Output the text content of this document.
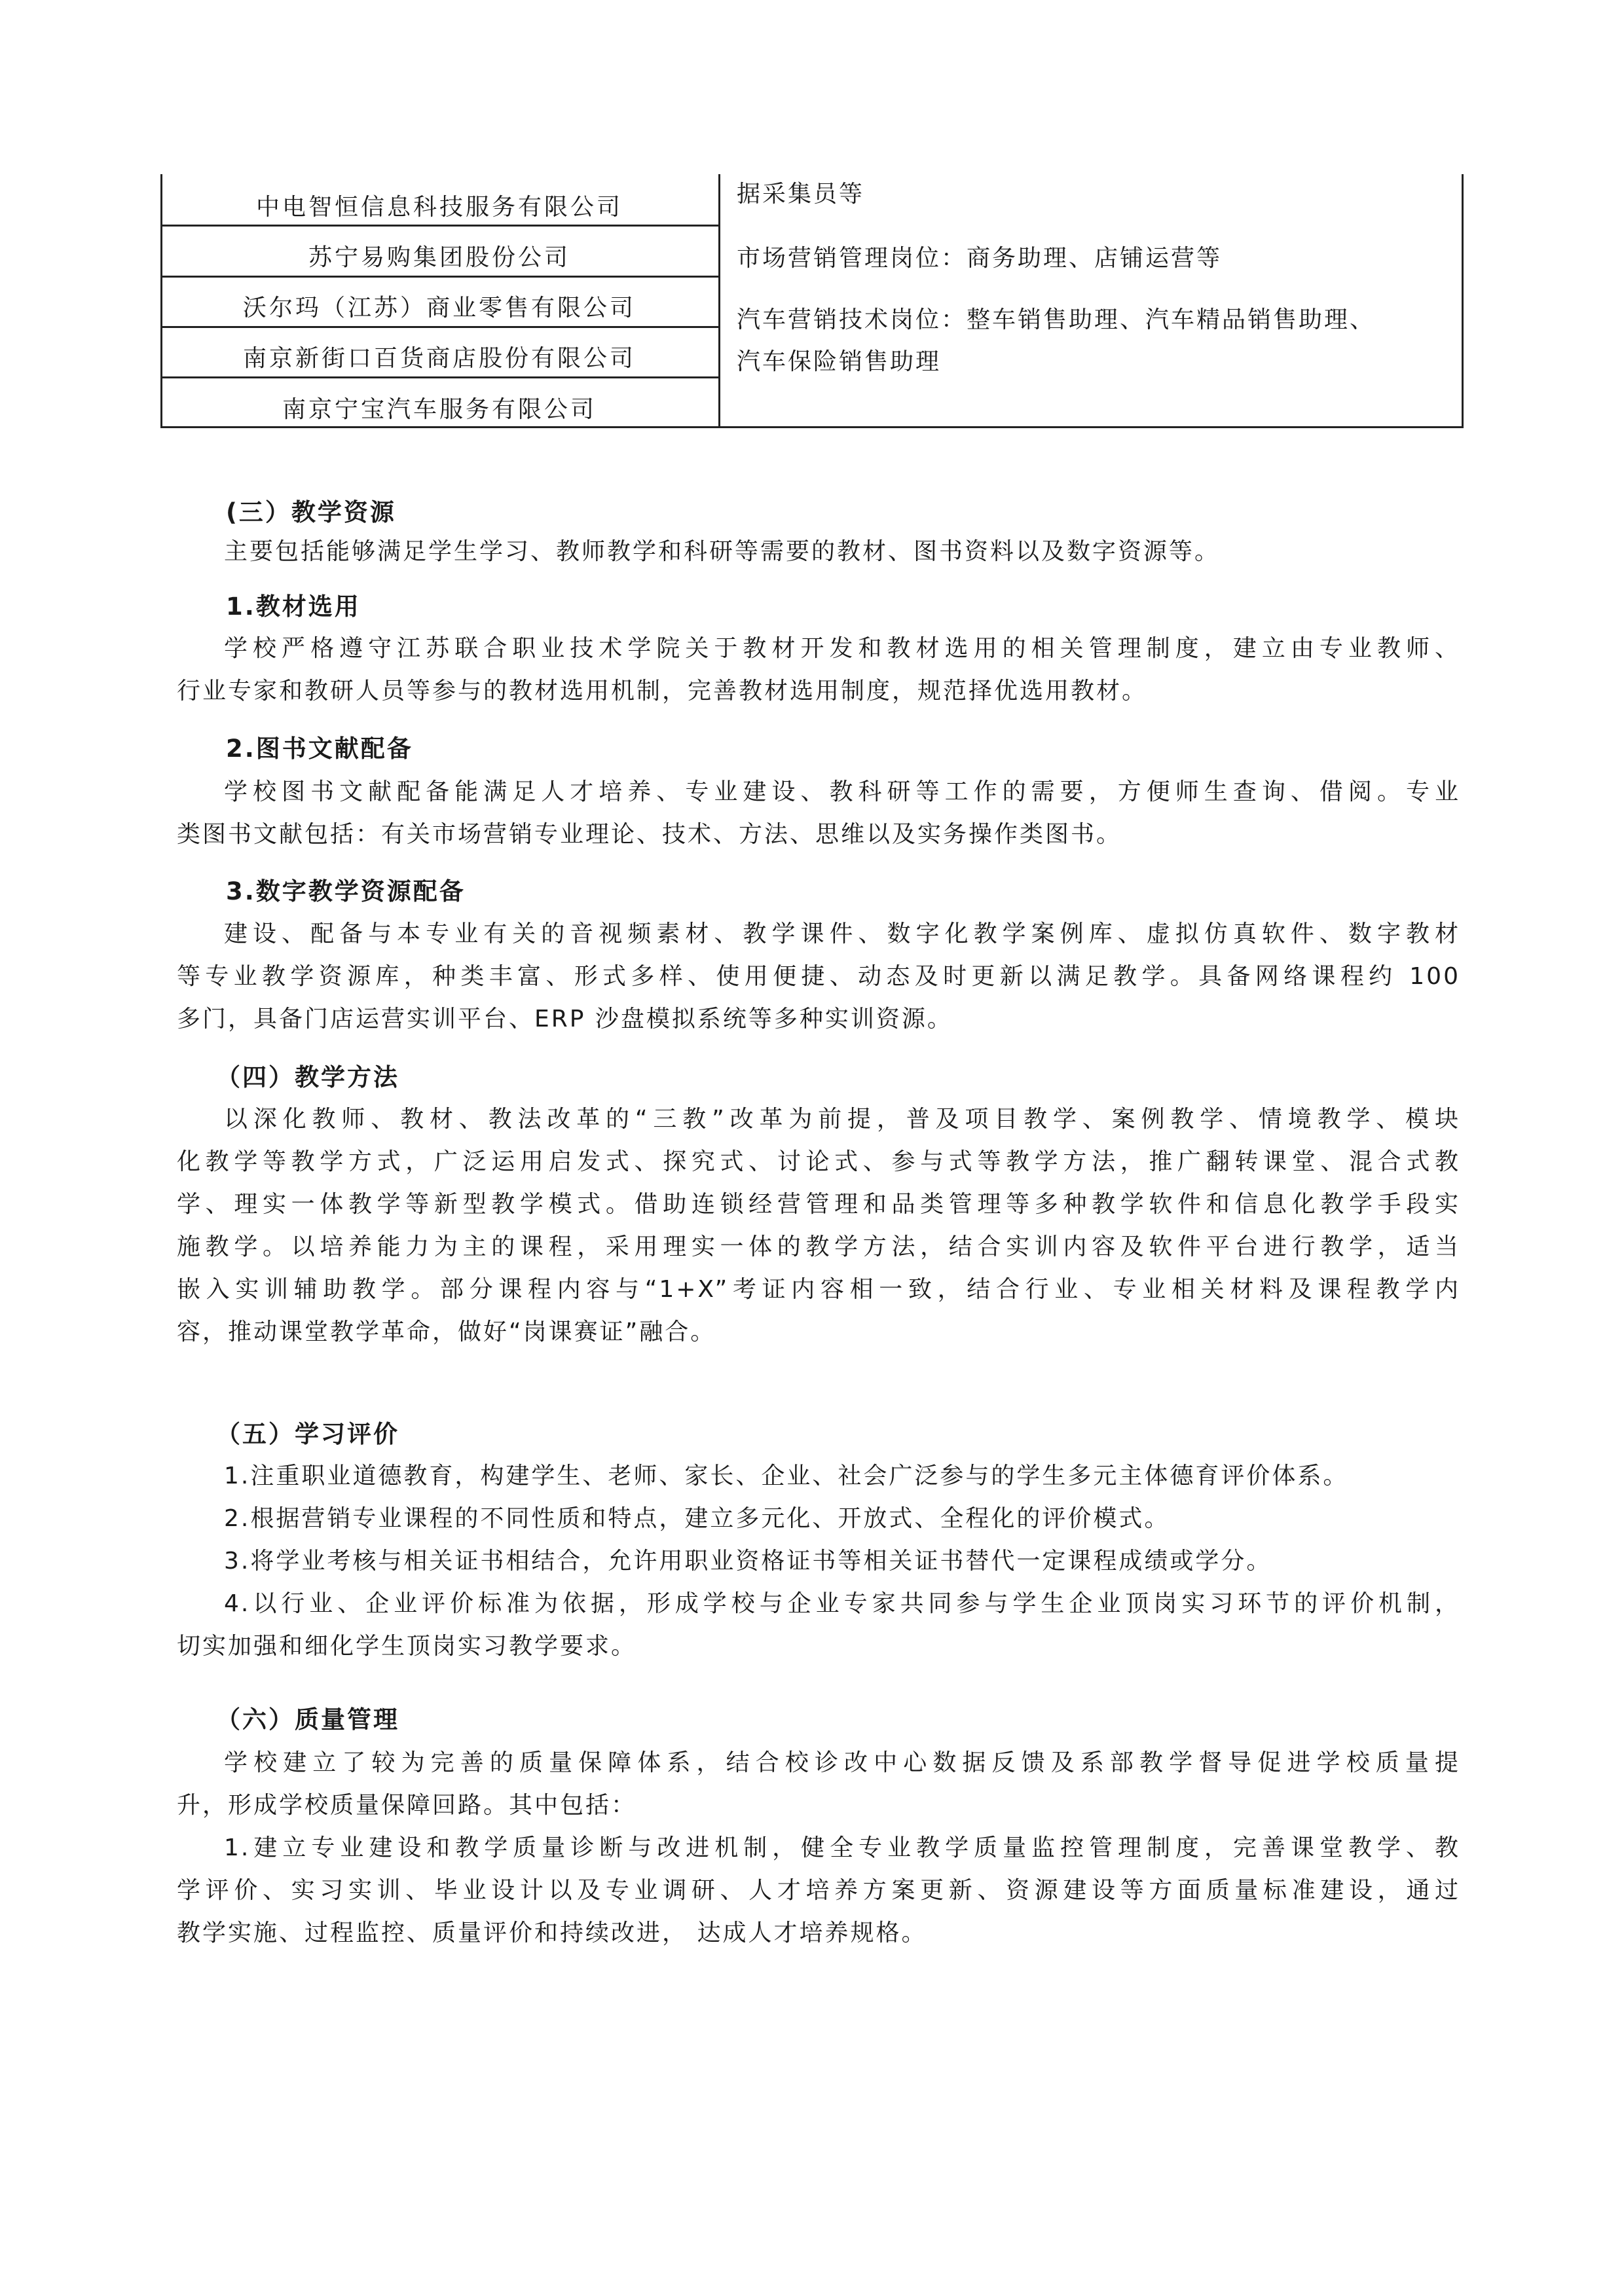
中电智恒信息科技服务有限公司
苏宁易购集团股份公司
沃尔玛（江苏）商业零售有限公司
南京新街口百货商店股份有限公司
南京宁宝汽车服务有限公司
据采集员等
市场营销管理岗位：商务助理、店铺运营等
汽车营销技术岗位：整车销售助理、汽车精品销售助理、
汽车保险销售助理
(三）教学资源
主要包括能够满足学生学习、教师教学和科研等需要的教材、图书资料以及数字资源等。
1.教材选用
学校严格遵守江苏联合职业技术学院关于教材开发和教材选用的相关管理制度，建立由专业教师、
行业专家和教研人员等参与的教材选用机制，完善教材选用制度，规范择优选用教材。
2.图书文献配备
学校图书文献配备能满足人才培养、专业建设、教科研等工作的需要，方便师生查询、借阅。专业
类图书文献包括：有关市场营销专业理论、技术、方法、思维以及实务操作类图书。
3.数字教学资源配备
建设、配备与本专业有关的音视频素材、教学课件、数字化教学案例库、虚拟仿真软件、数字教材
等专业教学资源库，种类丰富、形式多样、使用便捷、动态及时更新以满足教学。具备网络课程约 100
多门，具备门店运营实训平台、ERP 沙盘模拟系统等多种实训资源。
（四）教学方法
以深化教师、教材、教法改革的“三教”改革为前提，普及项目教学、案例教学、情境教学、模块
化教学等教学方式，广泛运用启发式、探究式、讨论式、参与式等教学方法，推广翻转课堂、混合式教
学、理实一体教学等新型教学模式。借助连锁经营管理和品类管理等多种教学软件和信息化教学手段实
施教学。以培养能力为主的课程，采用理实一体的教学方法，结合实训内容及软件平台进行教学，适当
嵌入实训辅助教学。部分课程内容与“1+X”考证内容相一致，结合行业、专业相关材料及课程教学内
容，推动课堂教学革命，做好“岗课赛证”融合。
（五）学习评价
1.注重职业道德教育，构建学生、老师、家长、企业、社会广泛参与的学生多元主体德育评价体系。
2.根据营销专业课程的不同性质和特点，建立多元化、开放式、全程化的评价模式。
3.将学业考核与相关证书相结合，允许用职业资格证书等相关证书替代一定课程成绩或学分。
4.以行业、企业评价标准为依据，形成学校与企业专家共同参与学生企业顶岗实习环节的评价机制，
切实加强和细化学生顶岗实习教学要求。
（六）质量管理
学校建立了较为完善的质量保障体系，结合校诊改中心数据反馈及系部教学督导促进学校质量提
升，形成学校质量保障回路。其中包括：
1.建立专业建设和教学质量诊断与改进机制，健全专业教学质量监控管理制度，完善课堂教学、教
学评价、实习实训、毕业设计以及专业调研、人才培养方案更新、资源建设等方面质量标准建设，通过
教学实施、过程监控、质量评价和持续改进， 达成人才培养规格。
